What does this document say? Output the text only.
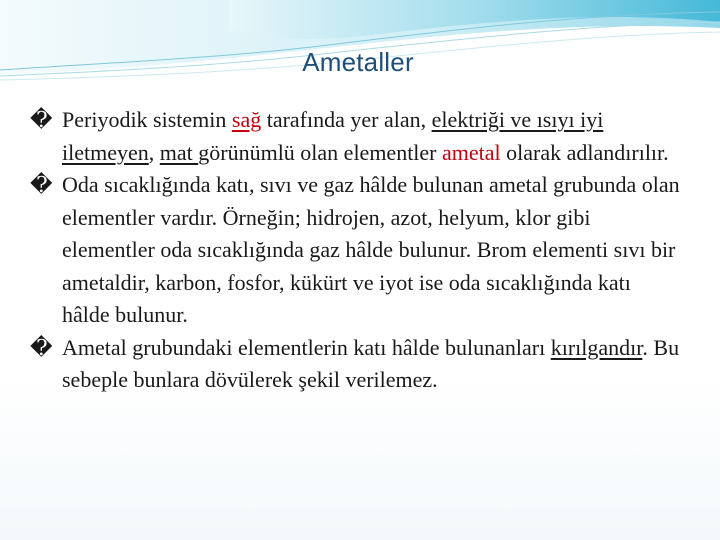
Ametaller
� Periyodik sistemin sağ tarafında yer alan, elektriği ve ısıyı iyi iletmeyen, mat görünümlü olan elementler ametal olarak adlandırılır.
� Oda sıcaklığında katı, sıvı ve gaz hâlde bulunan ametal grubunda olan elementler vardır. Örneğin; hidrojen, azot, helyum, klor gibi elementler oda sıcaklığında gaz hâlde bulunur. Brom elementi sıvı bir ametaldir, karbon, fosfor, kükürt ve iyot ise oda sıcaklığında katı hâlde bulunur.
� Ametal grubundaki elementlerin katı hâlde bulunanları kırılgandır. Bu sebeple bunlara dövülerek şekil verilemez.
